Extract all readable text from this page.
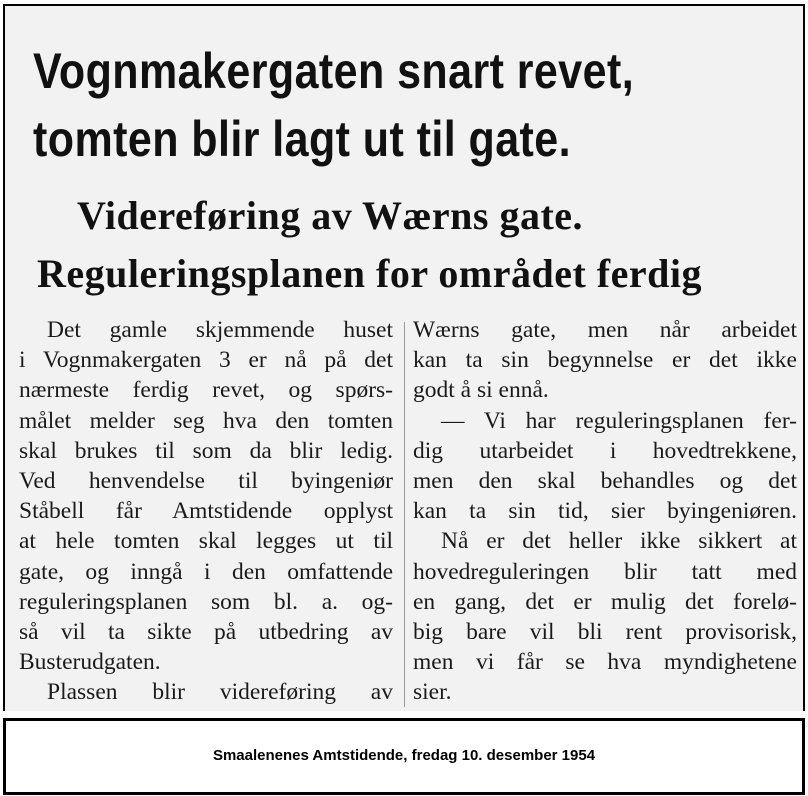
Vognmakergaten snart revet,
tomten blir lagt ut til gate.
Videreføring av Wærns gate.
Reguleringsplanen for området ferdig
Det gamle skjemmende huset
i Vognmakergaten 3 er nå på det
nærmeste ferdig revet, og spørs-
målet melder seg hva den tomten
skal brukes til som da blir ledig.
Ved henvendelse til byingeniør
Ståbell får Amtstidende opplyst
at hele tomten skal legges ut til
gate, og inngå i den omfattende
reguleringsplanen som bl. a. og-
så vil ta sikte på utbedring av
Busterudgaten.
Plassen blir videreføring av
Wærns gate, men når arbeidet
kan ta sin begynnelse er det ikke
godt å si ennå.
— Vi har reguleringsplanen fer-
dig utarbeidet i hovedtrekkene,
men den skal behandles og det
kan ta sin tid, sier byingeniøren.
Nå er det heller ikke sikkert at
hovedreguleringen blir tatt med
en gang, det er mulig det forelø-
big bare vil bli rent provisorisk,
men vi får se hva myndighetene
sier.
Smaalenenes Amtstidende, fredag 10. desember 1954
